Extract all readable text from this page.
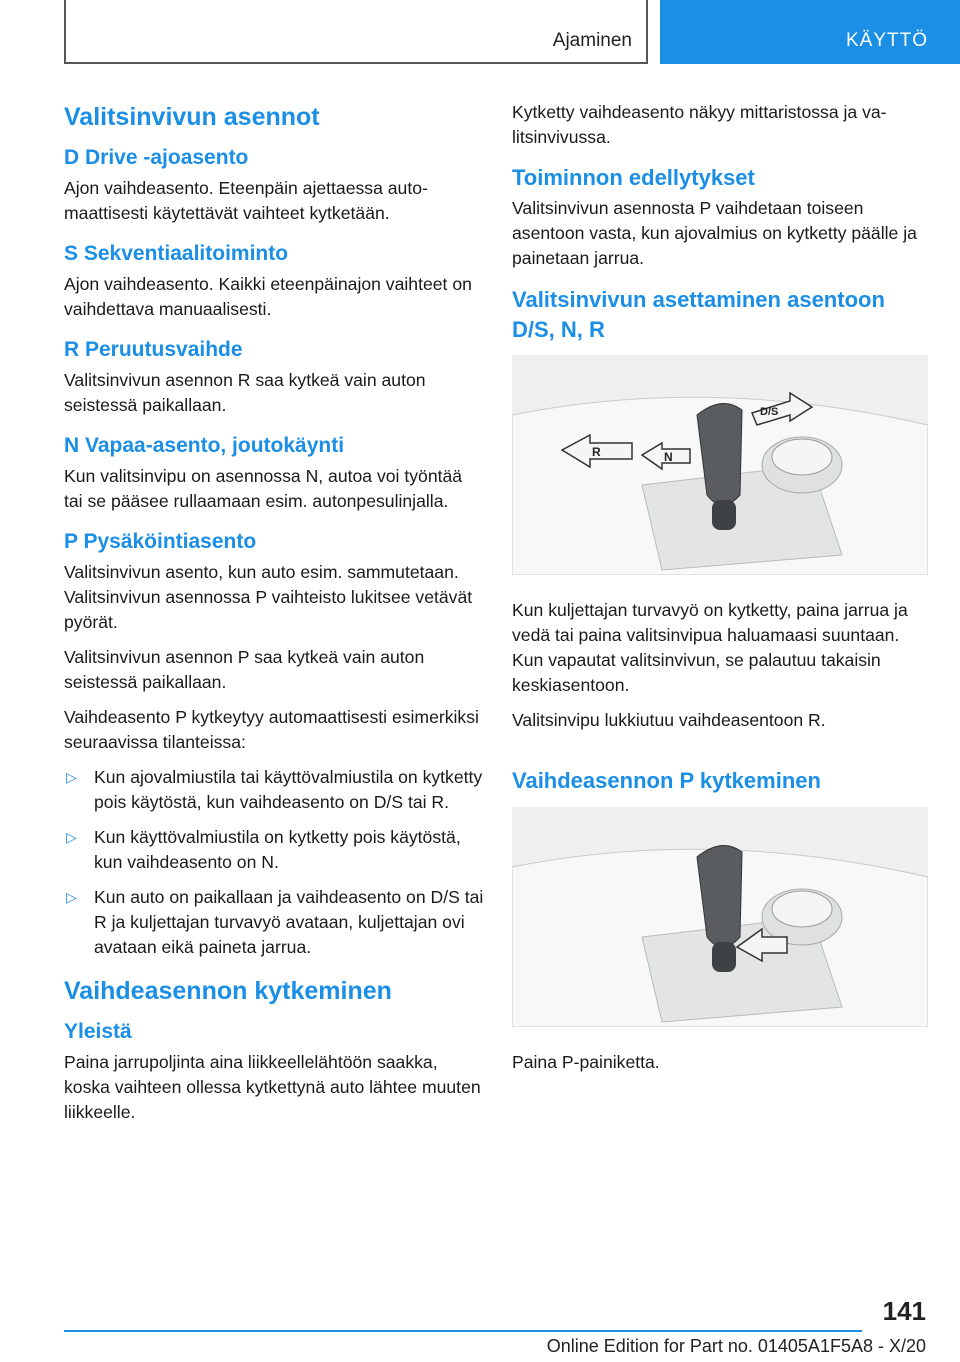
Ajaminen	KÄYTTÖ
Valitsinvivun asennot
D Drive -ajoasento

Ajon vaihdeasento. Eteenpäin ajettaessa automaattisesti käytettävät vaihteet kytketään.

S Sekventiaalitoiminto

Ajon vaihdeasento. Kaikki eteenpäinajon vaihteet on vaihdettava manuaalisesti.

R Peruutusvaihde

Valitsinvivun asennon R saa kytkeä vain auton seistessä paikallaan.

N Vapaa-asento, joutokäynti

Kun valitsinvipu on asennossa N, autoa voi työntää tai se pääsee rullaamaan esim. autonpesulinjalla.

P Pysäköintiasento

Valitsinvivun asento, kun auto esim. sammutetaan. Valitsinvivun asennossa P vaihteisto lukitsee vetävät pyörät.

Valitsinvivun asennon P saa kytkeä vain auton seistessä paikallaan.

Vaihdeasento P kytkeytyy automaattisesti esimerkiksi seuraavissa tilanteissa:

▷ Kun ajovalmiustila tai käyttövalmiustila on kytketty pois käytöstä, kun vaihdeasento on D/S tai R.
▷ Kun käyttövalmiustila on kytketty pois käytöstä, kun vaihdeasento on N.
▷ Kun auto on paikallaan ja vaihdeasento on D/S tai R ja kuljettajan turvavyö avataan, kuljettajan ovi avataan eikä paineta jarrua.
Vaihdeasennon kytkeminen
Yleistä

Paina jarrupoljinta aina liikkeellelähtöön saakka, koska vaihteen ollessa kytkettynä auto lähtee muuten liikkeelle.

Kytketty vaihdeasento näkyy mittaristossa ja valitsinvivussa.

Toiminnon edellytykset

Valitsinvivun asennosta P vaihdetaan toiseen asentoon vasta, kun ajovalmius on kytketty päälle ja painetaan jarrua.

Valitsinvivun asettaminen asentoon D/S, N, R
R	N
D/S

Kun kuljettajan turvavyö on kytketty, paina jarrua ja vedä tai paina valitsinvipua haluamaasi suuntaan. Kun vapautat valitsinvivun, se palautuu takaisin keskiasentoon.

Valitsinvipu lukkiutuu vaihdeasentoon R.

Vaihdeasennon P kytkeminen

Paina P-painiketta.

141
Online Edition for Part no. 01405A1F5A8 - X/20
